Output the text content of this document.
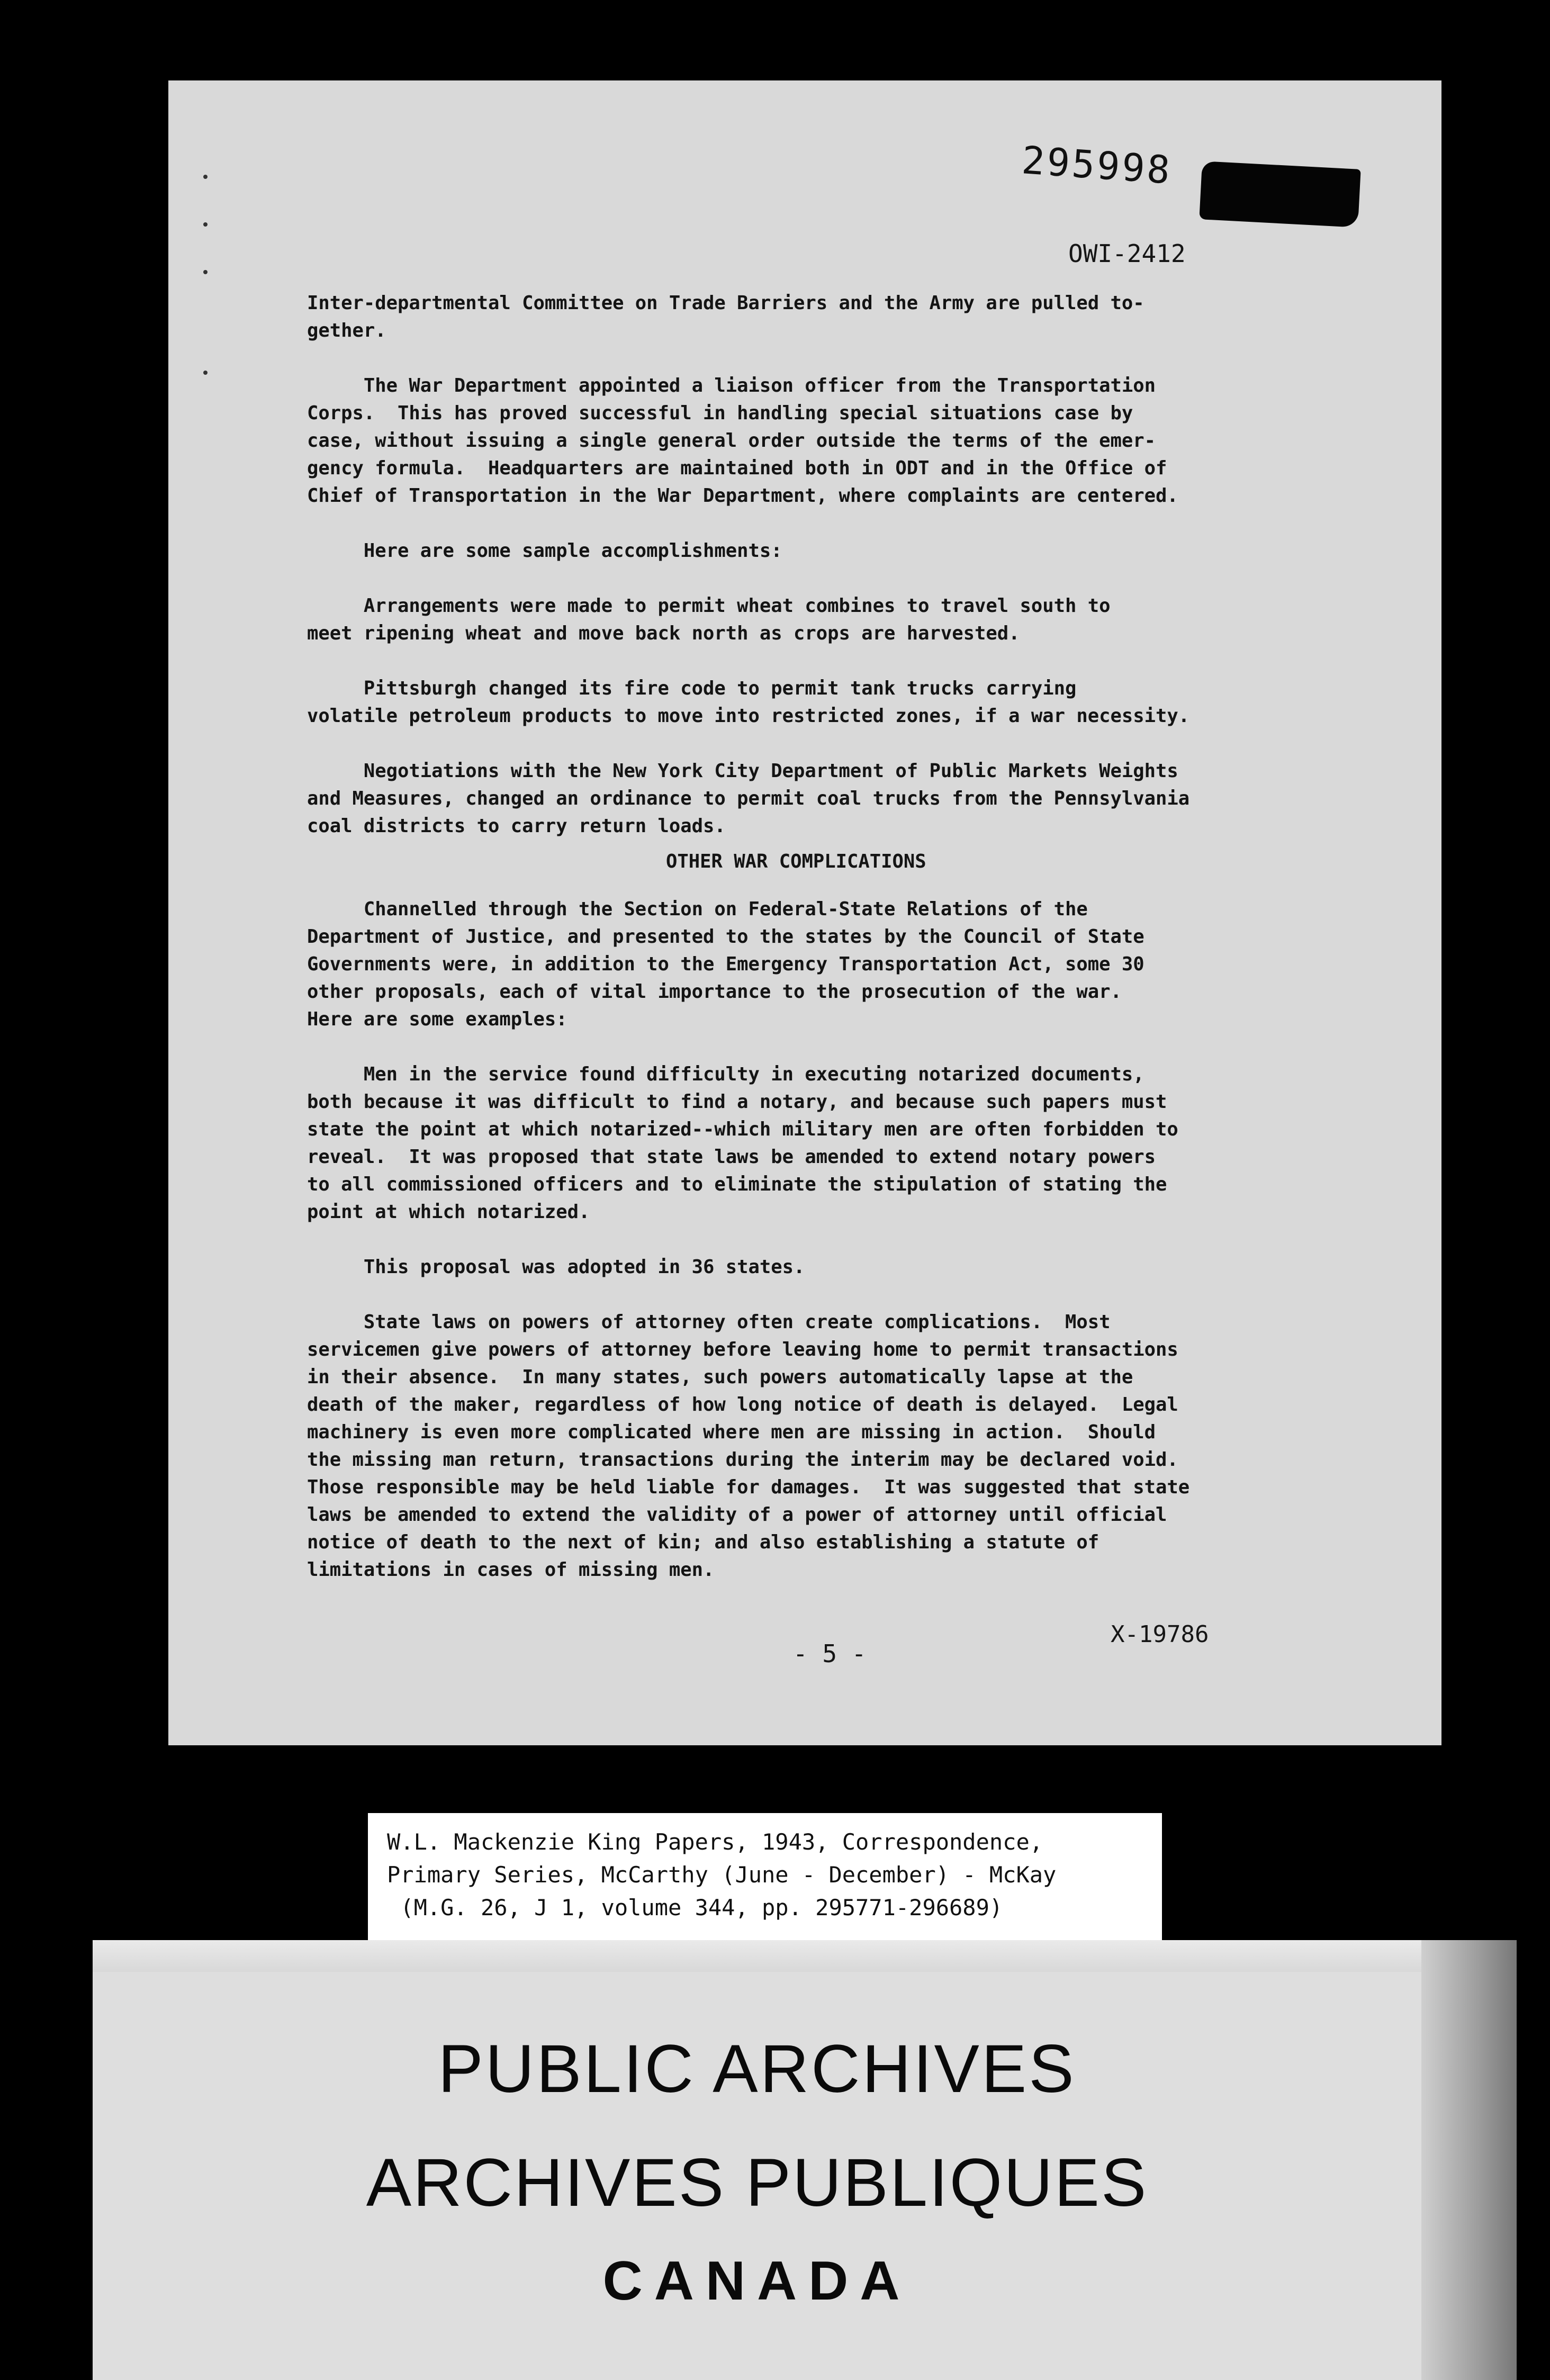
295998
OWI-2412
Inter-departmental Committee on Trade Barriers and the Army are pulled to-
gether.
The War Department appointed a liaison officer from the Transportation
Corps.  This has proved successful in handling special situations case by
case, without issuing a single general order outside the terms of the emer-
gency formula.  Headquarters are maintained both in ODT and in the Office of
Chief of Transportation in the War Department, where complaints are centered.
Here are some sample accomplishments:
Arrangements were made to permit wheat combines to travel south to
meet ripening wheat and move back north as crops are harvested.
Pittsburgh changed its fire code to permit tank trucks carrying
volatile petroleum products to move into restricted zones, if a war necessity.
Negotiations with the New York City Department of Public Markets Weights
and Measures, changed an ordinance to permit coal trucks from the Pennsylvania
coal districts to carry return loads.
OTHER WAR COMPLICATIONS
Channelled through the Section on Federal-State Relations of the
Department of Justice, and presented to the states by the Council of State
Governments were, in addition to the Emergency Transportation Act, some 30
other proposals, each of vital importance to the prosecution of the war.
Here are some examples:
Men in the service found difficulty in executing notarized documents,
both because it was difficult to find a notary, and because such papers must
state the point at which notarized--which military men are often forbidden to
reveal.  It was proposed that state laws be amended to extend notary powers
to all commissioned officers and to eliminate the stipulation of stating the
point at which notarized.
This proposal was adopted in 36 states.
State laws on powers of attorney often create complications.  Most
servicemen give powers of attorney before leaving home to permit transactions
in their absence.  In many states, such powers automatically lapse at the
death of the maker, regardless of how long notice of death is delayed.  Legal
machinery is even more complicated where men are missing in action.  Should
the missing man return, transactions during the interim may be declared void.
Those responsible may be held liable for damages.  It was suggested that state
laws be amended to extend the validity of a power of attorney until official
notice of death to the next of kin; and also establishing a statute of
limitations in cases of missing men.
- 5 -
X-19786
W.L. Mackenzie King Papers, 1943, Correspondence,
Primary Series, McCarthy (June - December) - McKay
(M.G. 26, J 1, volume 344, pp. 295771-296689)
PUBLIC ARCHIVES
ARCHIVES PUBLIQUES
CANADA
